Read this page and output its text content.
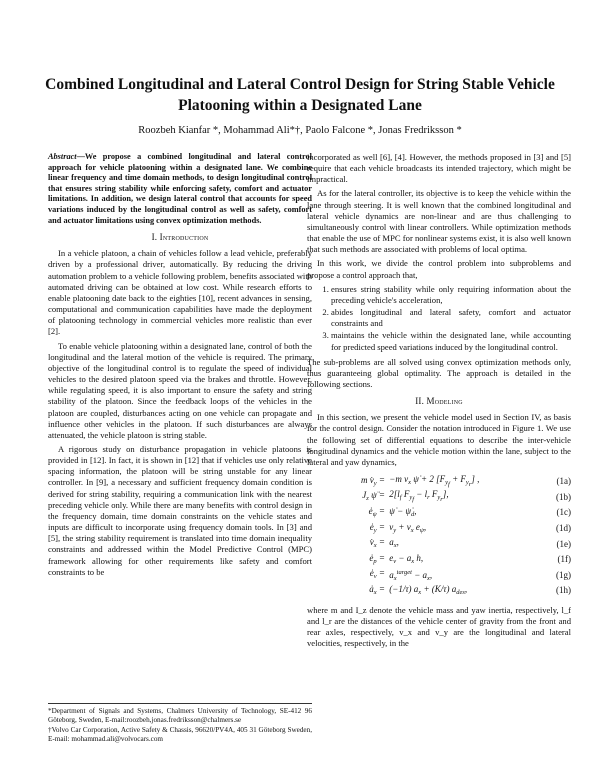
Combined Longitudinal and Lateral Control Design for String Stable Vehicle Platooning within a Designated Lane
Roozbeh Kianfar *, Mohammad Ali*†, Paolo Falcone *, Jonas Fredriksson *

Abstract—We propose a combined longitudinal and lateral control approach for vehicle platooning within a designated lane. We combine linear frequency and time domain methods, to design longitudinal control that ensures string stability while enforcing safety, comfort and actuator limitations. In addition, we design lateral control that accounts for speed variations induced by the longitudinal control as well as safety, comfort and actuator limitations using convex optimization methods.

I. Introduction

In a vehicle platoon, a chain of vehicles follow a lead vehicle, preferably driven by a professional driver, automatically. By reducing the driving automation problem to a vehicle following problem, benefits associated with automated driving can be obtained at low cost. While research efforts to enable platooning date back to the eighties [10], recent advances in sensing, computational and communication capabilities have made the deployment of platooning technology in commercial vehicles more realistic than ever [2].

To enable vehicle platooning within a designated lane, control of both the longitudinal and the lateral motion of the vehicle is required. The primary objective of the longitudinal control is to regulate the speed of individual vehicles to the desired platoon speed via the brakes and throttle. However, while regulating speed, it is also important to ensure the safety and string stability of the platoon. Since the feedback loops of the vehicles in the platoon are coupled, disturbances acting on one vehicle can propagate and influence other vehicles in the platoon. If such disturbances are always attenuated, the vehicle platoon is string stable.

A rigorous study on disturbance propagation in vehicle platoons is provided in [12]. In fact, it is shown in [12] that if vehicles use only relative spacing information, the platoon will be string unstable for any linear controller. In [9], a necessary and sufficient frequency domain condition is derived for string stability, requiring a communication link with the nearest preceding vehicle only. While there are many benefits with control design in the frequency domain, time domain constraints on the vehicle states and inputs are difficult to incorporate using frequency domain tools. In [3] and [5], the string stability requirement is translated into time domain inequality constraints and addressed within the Model Predictive Control (MPC) framework allowing for other requirements like safety and comfort constraints to be

*Department of Signals and Systems, Chalmers University of Technology, SE-412 96 Göteborg, Sweden, E-mail:roozbeh,jonas.fredriksson@chalmers.se
†Volvo Car Corporation, Active Safety & Chassis, 96620/PV4A, 405 31 Göteborg Sweden, E-mail: mohammad.ali@volvocars.com

incorporated as well [6], [4]. However, the methods proposed in [3] and [5] require that each vehicle broadcasts its intended trajectory, which might be impractical.

As for the lateral controller, its objective is to keep the vehicle within the lane through steering. It is well known that the combined longitudinal and lateral vehicle dynamics are non-linear and are thus challenging to simultaneously control with linear controllers. While optimization methods that enable the use of MPC for nonlinear systems exist, it is also well known that such methods are associated with problems of local optima.

In this work, we divide the control problem into subproblems and propose a control approach that,

1. ensures string stability while only requiring information about the preceding vehicle's acceleration,
2. abides longitudinal and lateral safety, comfort and actuator constraints and
3. maintains the vehicle within the designated lane, while accounting for predicted speed variations induced by the longitudinal control.

The sub-problems are all solved using convex optimization methods only, thus guaranteeing global optimality. The approach is detailed in the following sections.

II. Modeling

In this section, we present the vehicle model used in Section IV, as basis for the control design. Consider the notation introduced in Figure 1. We use the following set of differential equations to describe the inter-vehicle longitudinal dynamics and the vehicle motion within the lane, subject to the lateral and yaw dynamics,

m $v̇_y = -m$ $v_x$ ψ̇ + 2 $[F_{yf} + F_{yr}]$ ,	(1a)
$J_z$ ψ̈ = $2[l_f$ $F_{yf} - l_r$ $F_{yr}$],	(1b)
$ė_\psi$ = ψ̇ − $\psi̇_d$,	(1c)
$ė_y = v_y + v_x$ $e_\psi$,	(1d)
$v̇_x = a_x$,	(1e)
$ė_p = e_v - a_x$ h,	(1f)
$ė_v = a_x^{target} - a_x$,	(1g)
$ȧ_x = (-1/\tau) a_x + (K/\tau)$ $a_{des}$,	(1h)

where m and I_z denote the vehicle mass and yaw inertia, respectively, l_f and l_r are the distances of the vehicle center of gravity from the front and rear axles, respectively, v_x and v_y are the longitudinal and lateral velocities, respectively, in the
